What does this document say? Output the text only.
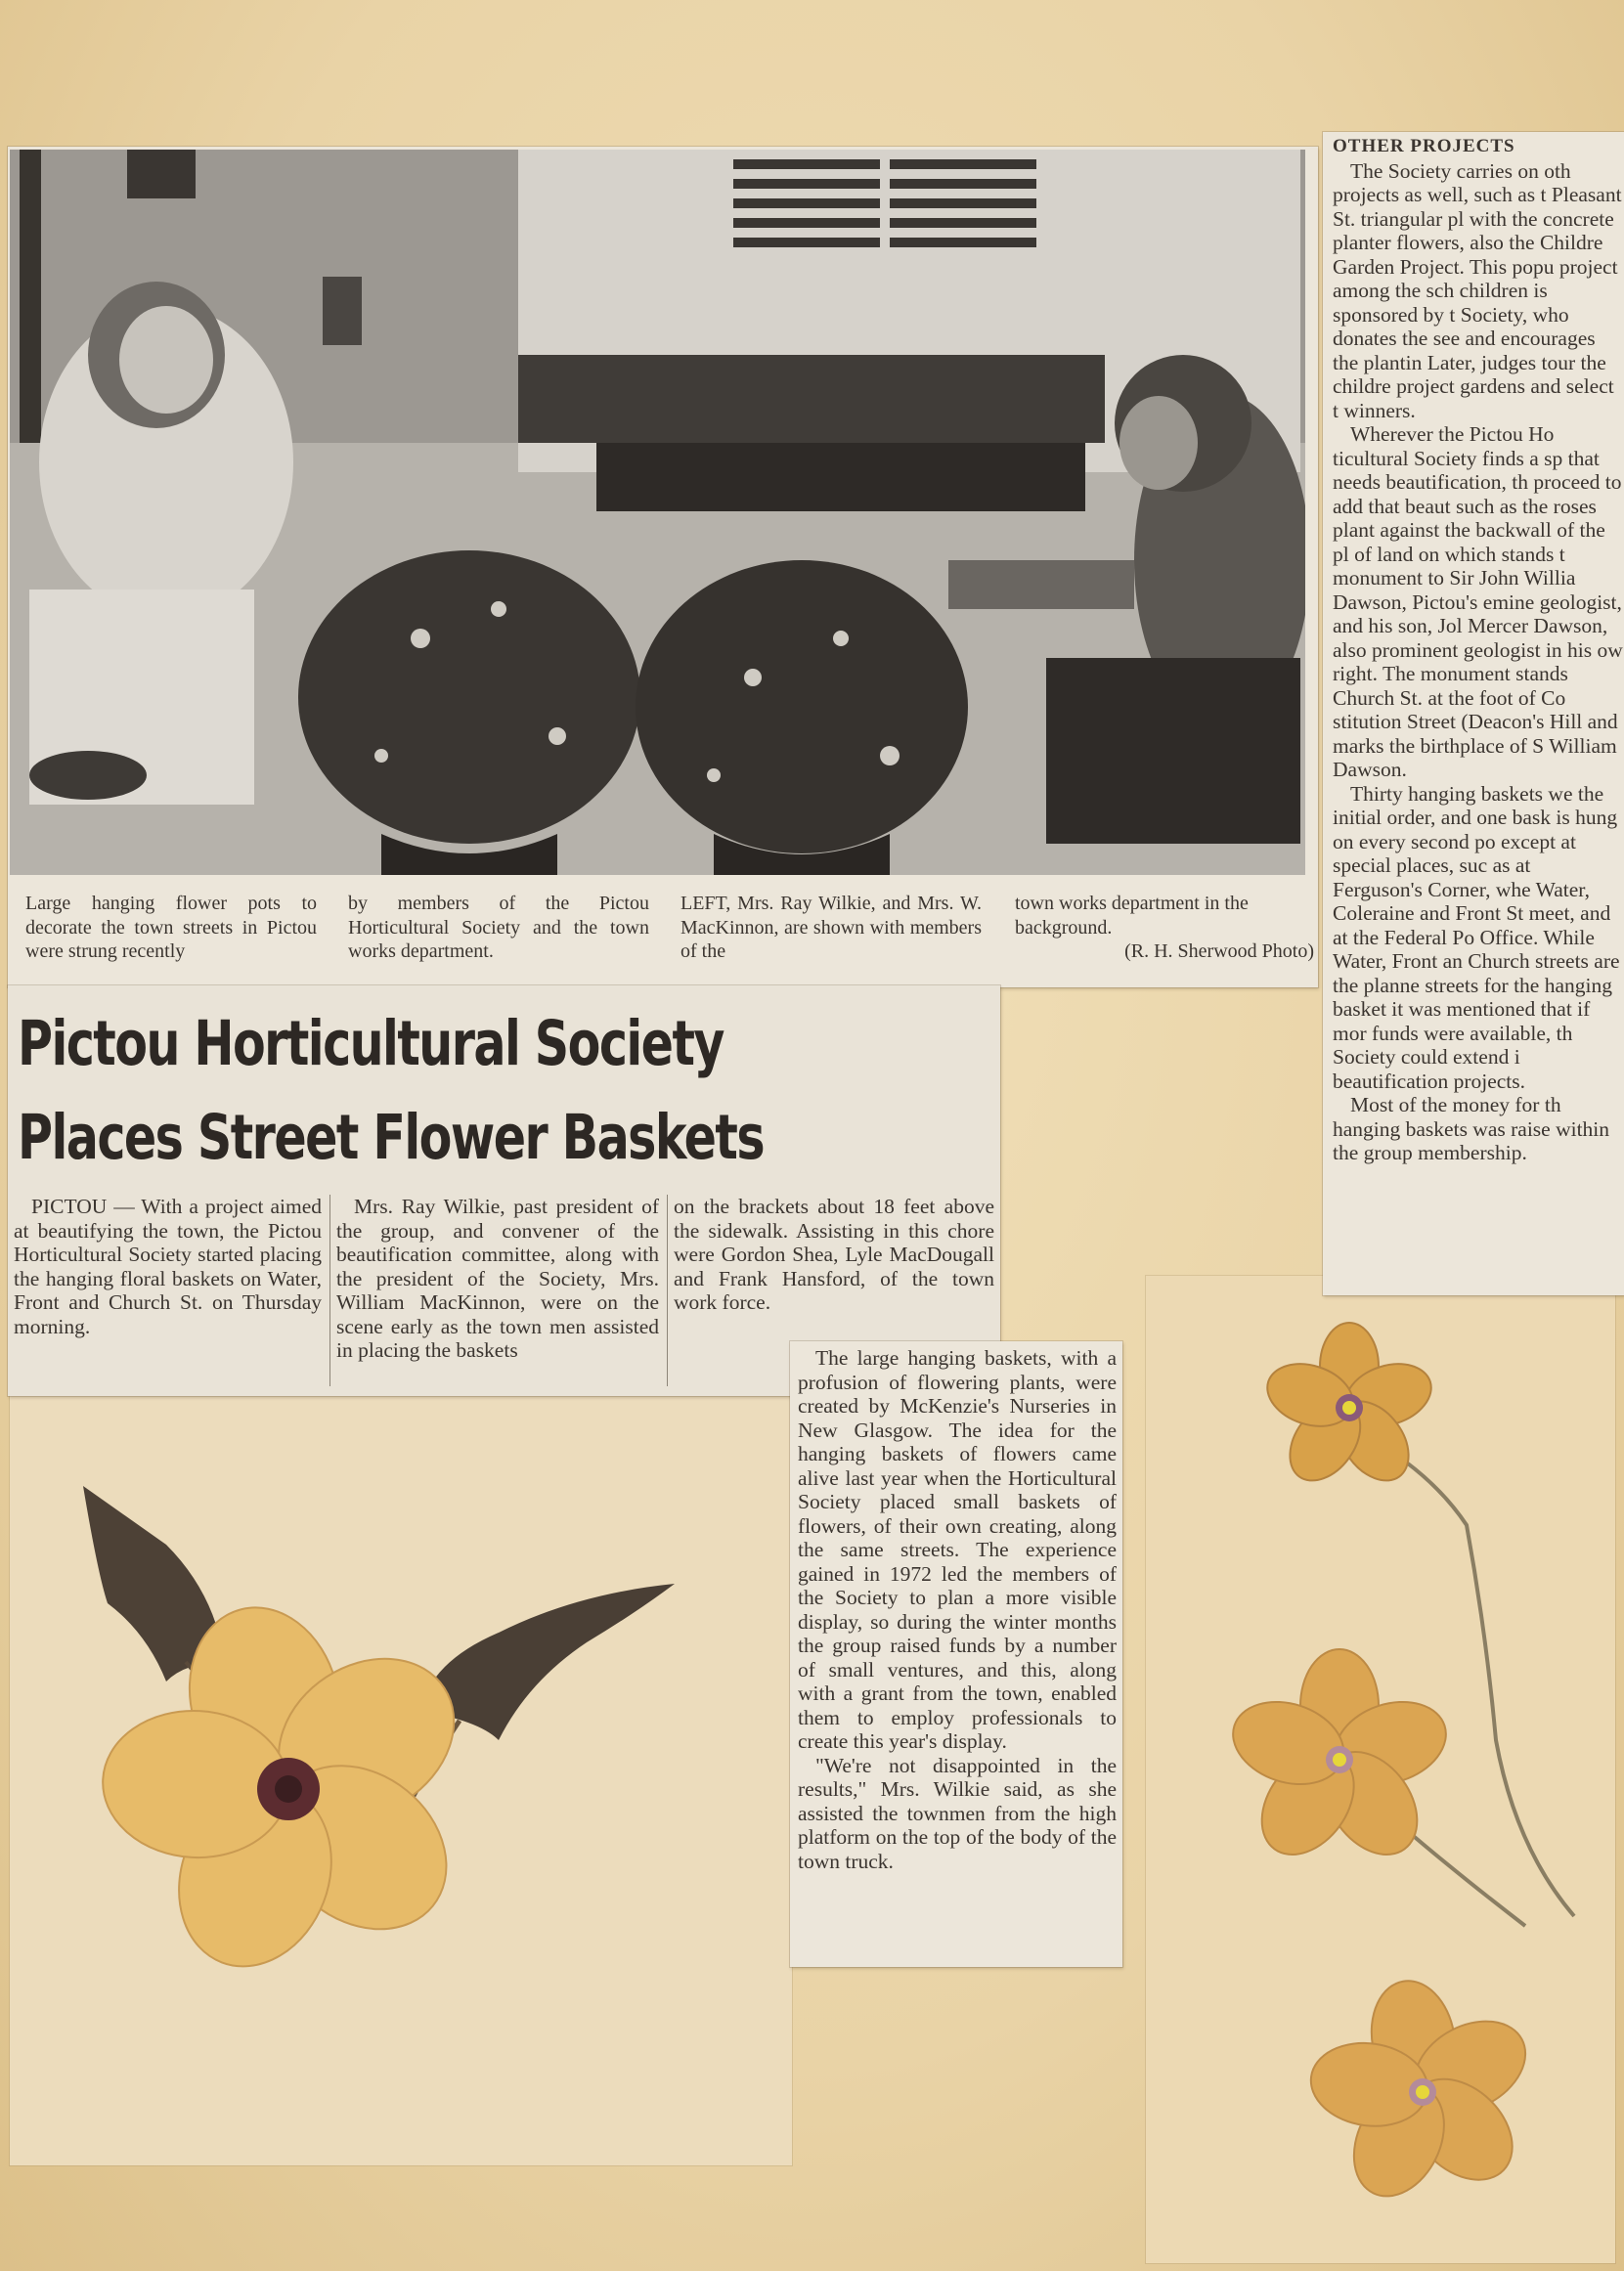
Large hanging flower pots to decorate the town streets in Pictou were strung recently
by members of the Pictou Horticultural Society and the town works department.
LEFT, Mrs. Ray Wilkie, and Mrs. W. MacKinnon, are shown with members of the
town works department in the background.
(R. H. Sherwood Photo)
Pictou Horticultural Society
Places Street Flower Baskets

PICTOU — With a project aimed at beautifying the town, the Pictou Horticultural Society started placing the hanging floral baskets on Water, Front and Church St. on Thursday morning.

Mrs. Ray Wilkie, past president of the group, and convener of the beautification committee, along with the president of the Society, Mrs. William MacKinnon, were on the scene early as the town men assisted in placing the baskets

on the brackets about 18 feet above the sidewalk. Assisting in this chore were Gordon Shea, Lyle MacDougall and Frank Hansford, of the town work force.

The large hanging baskets, with a profusion of flowering plants, were created by McKenzie's Nurseries in New Glasgow. The idea for the hanging baskets of flowers came alive last year when the Horticultural Society placed small baskets of flowers, of their own creating, along the same streets. The experience gained in 1972 led the members of the Society to plan a more visible display, so during the winter months the group raised funds by a number of small ventures, and this, along with a grant from the town, enabled them to employ professionals to create this year's display.

"We're not disappointed in the results," Mrs. Wilkie said, as she assisted the townmen from the high platform on the top of the body of the town truck.

OTHER PROJECTS

The Society carries on oth projects as well, such as t Pleasant St. triangular pl with the concrete planter flowers, also the Childre Garden Project. This popu project among the sch children is sponsored by t Society, who donates the see and encourages the plantin Later, judges tour the childre project gardens and select t winners.

Wherever the Pictou Ho ticultural Society finds a sp that needs beautification, th proceed to add that beaut such as the roses plant against the backwall of the pl of land on which stands t monument to Sir John Willia Dawson, Pictou's emine geologist, and his son, Jol Mercer Dawson, also prominent geologist in his ow right. The monument stands Church St. at the foot of Co stitution Street (Deacon's Hill and marks the birthplace of S William Dawson.

Thirty hanging baskets we the initial order, and one bask is hung on every second po except at special places, suc as at Ferguson's Corner, whe Water, Coleraine and Front St meet, and at the Federal Po Office. While Water, Front an Church streets are the planne streets for the hanging basket it was mentioned that if mor funds were available, th Society could extend i beautification projects.

Most of the money for th hanging baskets was raise within the group membership.
